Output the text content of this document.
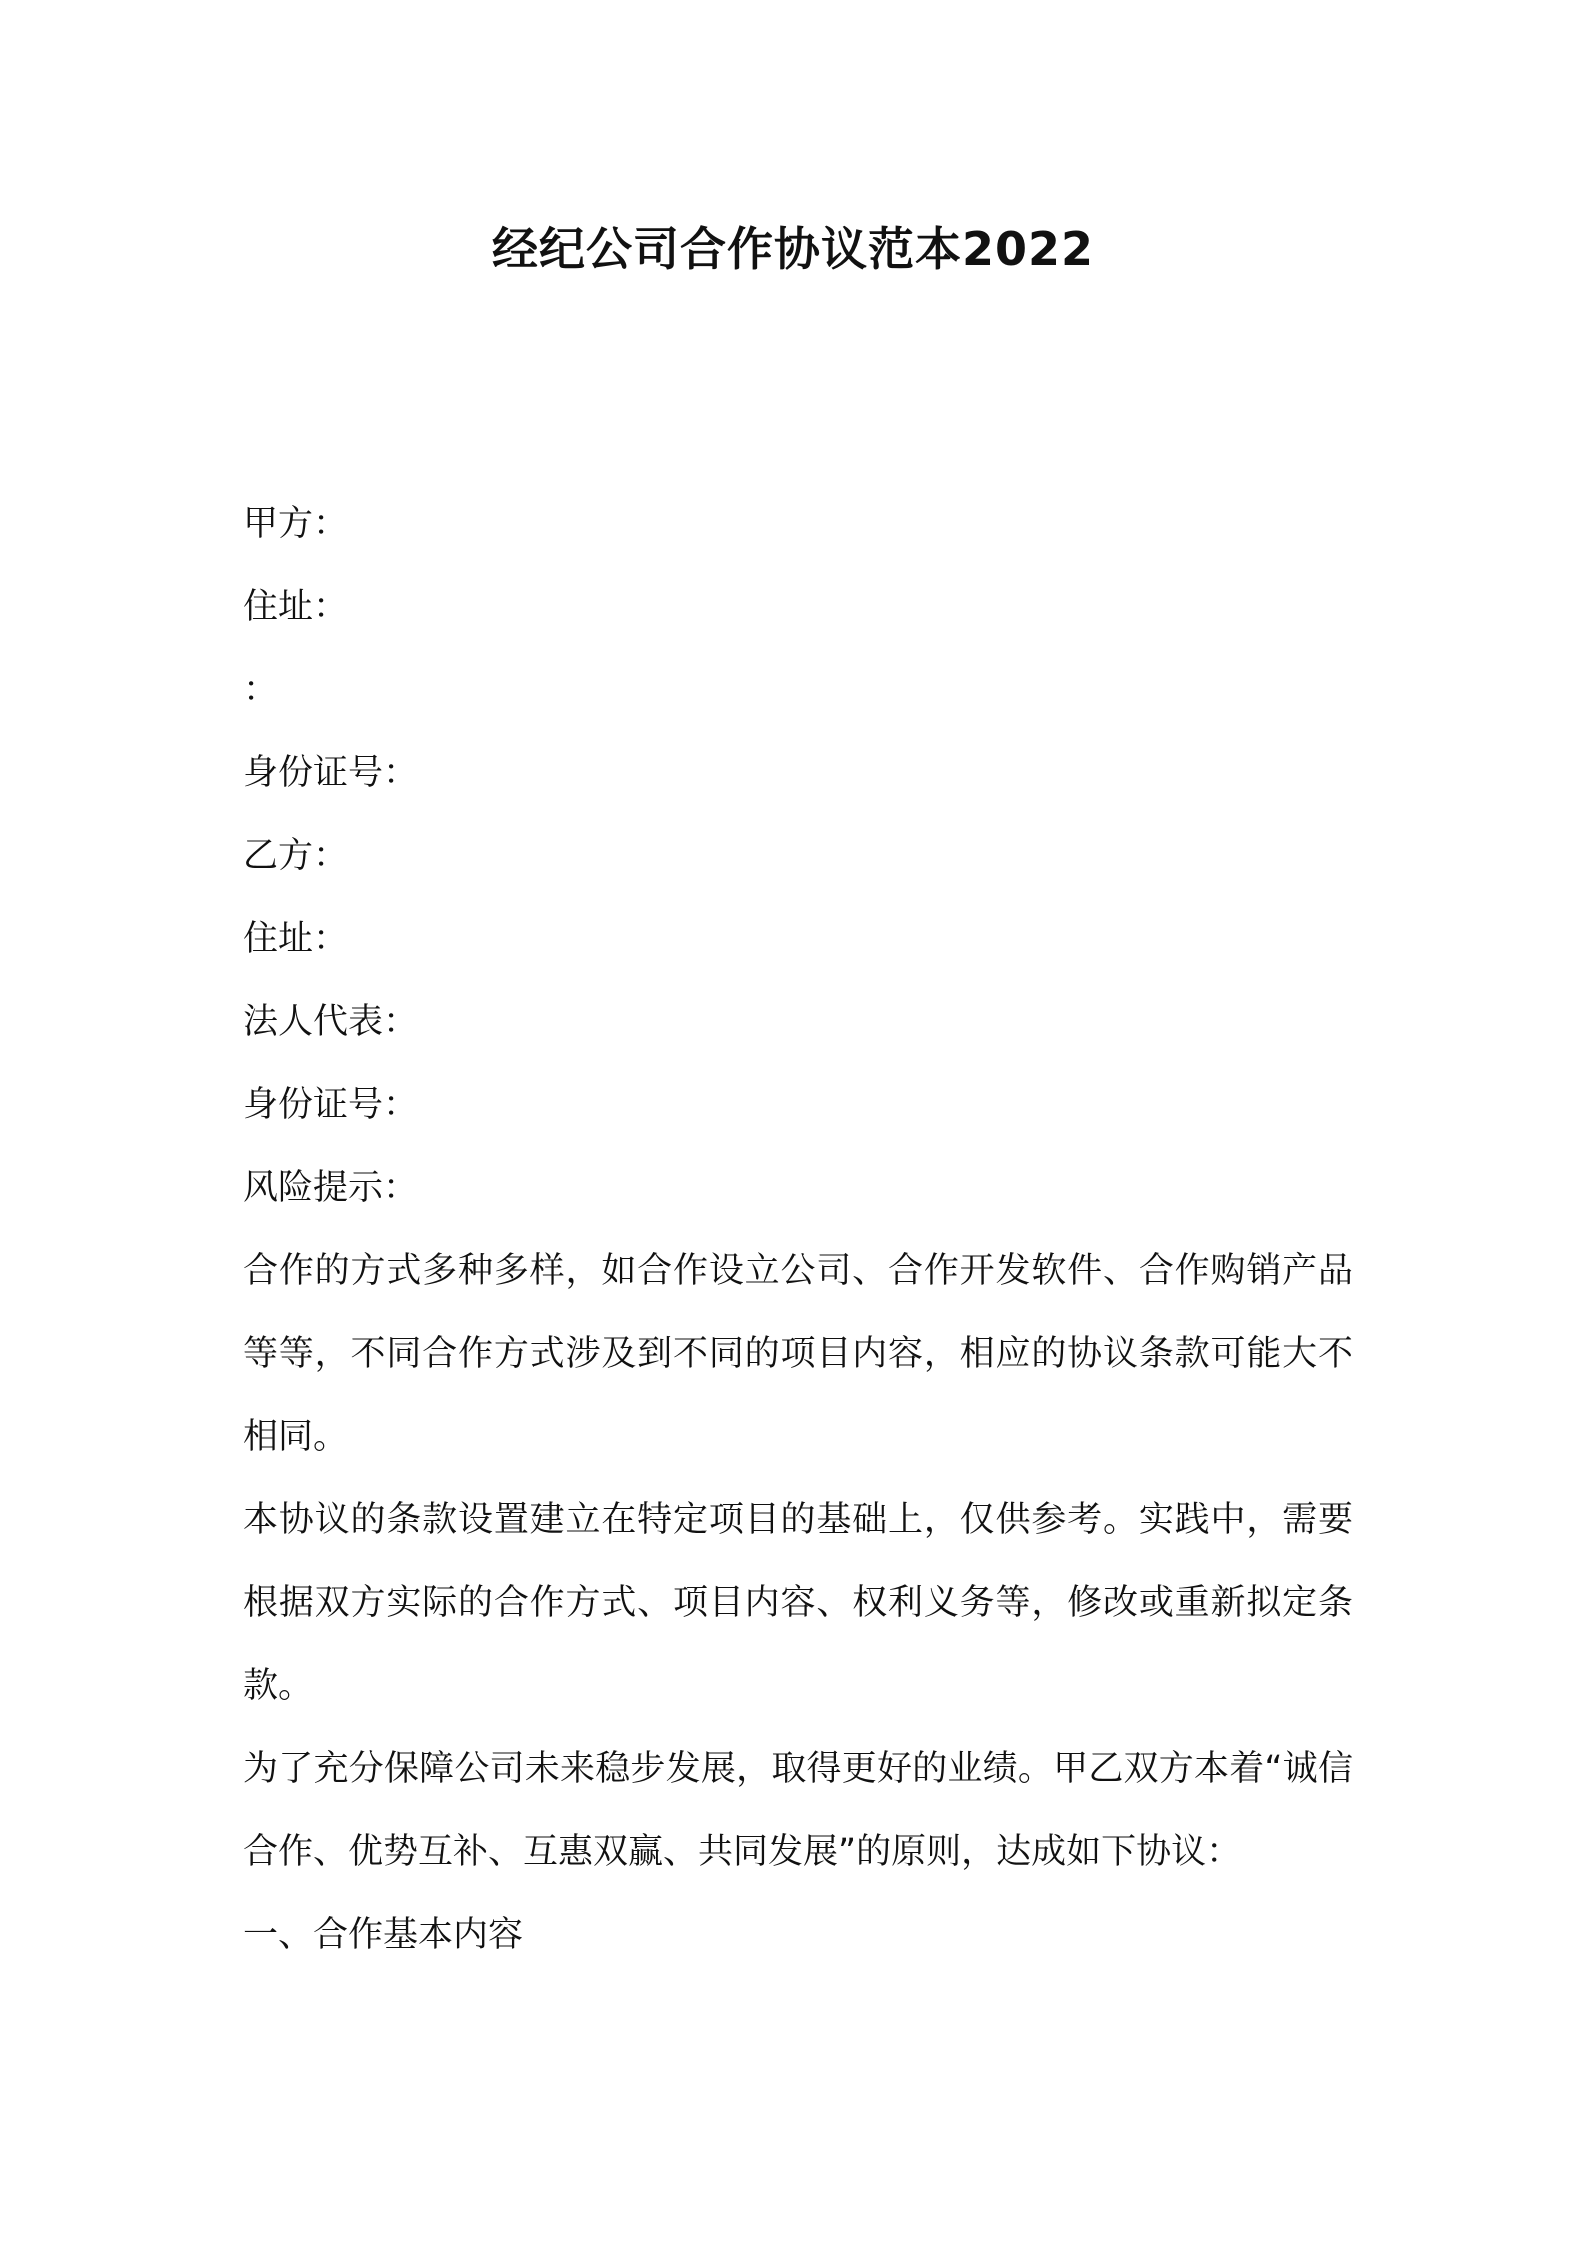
经纪公司合作协议范本2022
甲方：
住址：
：
身份证号：
乙方：
住址：
法人代表：
身份证号：
风险提示：
合作的方式多种多样，如合作设立公司、合作开发软件、合作购销产品等等，不同合作方式涉及到不同的项目内容，相应的协议条款可能大不相同。
本协议的条款设置建立在特定项目的基础上，仅供参考。实践中，需要根据双方实际的合作方式、项目内容、权利义务等，修改或重新拟定条款。
为了充分保障公司未来稳步发展，取得更好的业绩。甲乙双方本着“诚信合作、优势互补、互惠双赢、共同发展”的原则，达成如下协议：
一、合作基本内容
